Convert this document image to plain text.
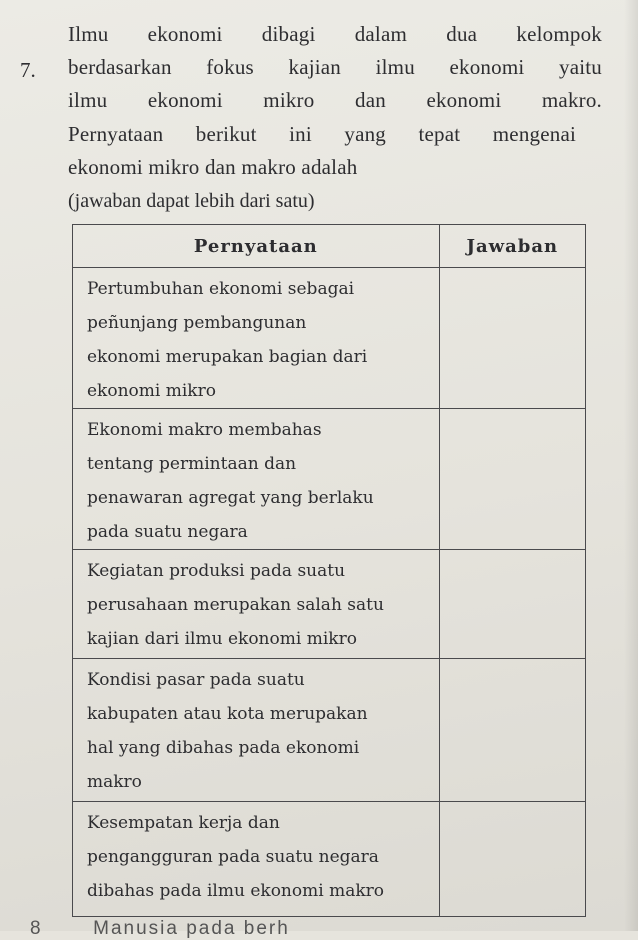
7.
Ilmu ekonomi dibagi dalam dua kelompok
berdasarkan fokus kajian ilmu ekonomi yaitu
ilmu ekonomi mikro dan ekonomi makro.
Pernyataan berikut ini yang tepat mengenai
ekonomi mikro dan makro adalah
(jawaban dapat lebih dari satu)
Pernyataan	Jawaban

Pertumbuhan ekonomi sebagai
peñunjang pembangunan
ekonomi merupakan bagian dari
ekonomi mikro	

Ekonomi makro membahas
tentang permintaan dan
penawaran agregat yang berlaku
pada suatu negara	

Kegiatan produksi pada suatu
perusahaan merupakan salah satu
kajian dari ilmu ekonomi mikro	

Kondisi pasar pada suatu
kabupaten atau kota merupakan
hal yang dibahas pada ekonomi
makro	

Kesempatan kerja dan
pengangguran pada suatu negara
dibahas pada ilmu ekonomi makro	

8	Manusia pada berh
